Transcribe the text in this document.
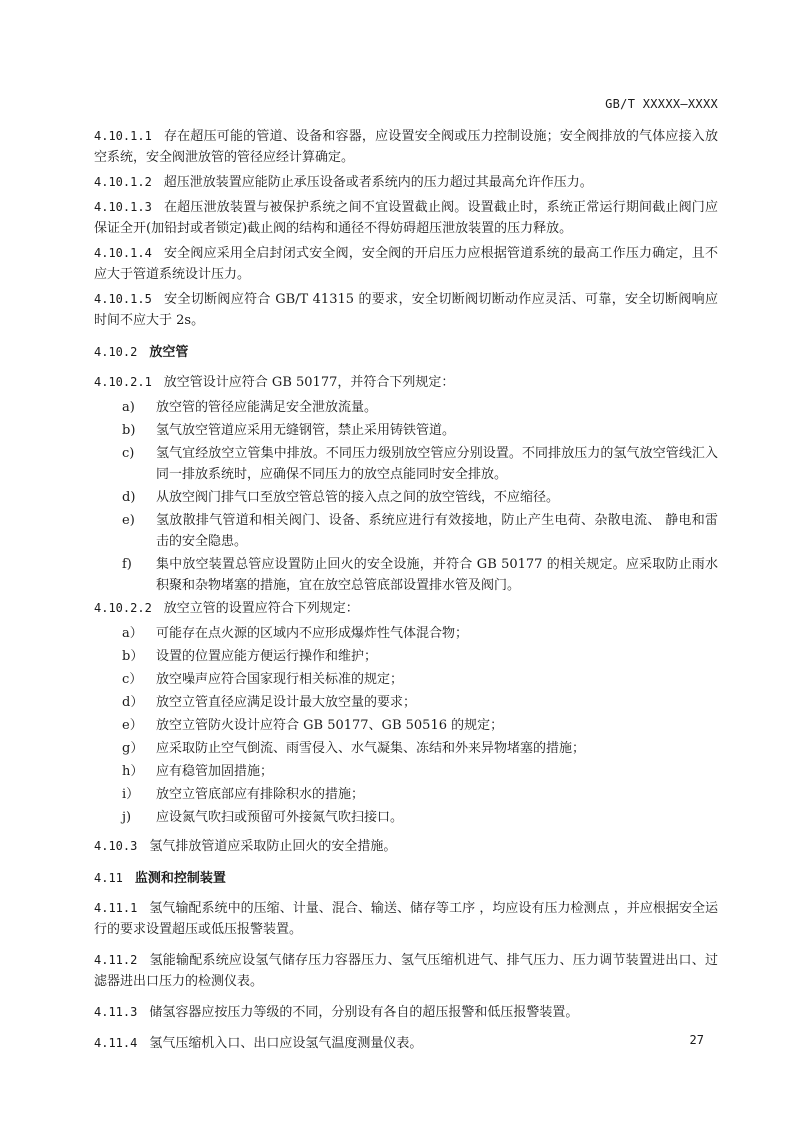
GB/T XXXXX—XXXX

4.10.1.1 存在超压可能的管道、设备和容器，应设置安全阀或压力控制设施；安全阀排放的气体应接入放空系统，安全阀泄放管的管径应经计算确定。

4.10.1.2 超压泄放装置应能防止承压设备或者系统内的压力超过其最高允许作压力。

4.10.1.3 在超压泄放装置与被保护系统之间不宜设置截止阀。设置截止时，系统正常运行期间截止阀门应保证全开(加铅封或者锁定)截止阀的结构和通径不得妨碍超压泄放装置的压力释放。

4.10.1.4 安全阀应采用全启封闭式安全阀，安全阀的开启压力应根据管道系统的最高工作压力确定，且不应大于管道系统设计压力。

4.10.1.5 安全切断阀应符合 GB/T 41315 的要求，安全切断阀切断动作应灵活、可靠，安全切断阀响应时间不应大于 2s。

4.10.2 放空管

4.10.2.1 放空管设计应符合 GB 50177，并符合下列规定：

a)	放空管的管径应能满足安全泄放流量。
b)	氢气放空管道应采用无缝钢管，禁止采用铸铁管道。
c)	氢气宜经放空立管集中排放。不同压力级别放空管应分别设置。不同排放压力的氢气放空管线汇入同一排放系统时，应确保不同压力的放空点能同时安全排放。
d)	从放空阀门排气口至放空管总管的接入点之间的放空管线，不应缩径。
e)	氢放散排气管道和相关阀门、设备、系统应进行有效接地，防止产生电荷、杂散电流、 静电和雷击的安全隐患。
f)	集中放空装置总管应设置防止回火的安全设施，并符合 GB 50177 的相关规定。应采取防止雨水积聚和杂物堵塞的措施，宜在放空总管底部设置排水管及阀门。

4.10.2.2 放空立管的设置应符合下列规定：

a）	可能存在点火源的区域内不应形成爆炸性气体混合物；
b） 设置的位置应能方便运行操作和维护；
c）	放空噪声应符合国家现行相关标准的规定；
d） 放空立管直径应满足设计最大放空量的要求；
e）	放空立管防火设计应符合 GB 50177、GB 50516 的规定；
g） 应采取防止空气倒流、雨雪侵入、水气凝集、冻结和外来异物堵塞的措施；
h） 应有稳管加固措施；
i）	放空立管底部应有排除积水的措施；
j)	应设氮气吹扫或预留可外接氮气吹扫接口。

4.10.3 氢气排放管道应采取防止回火的安全措施。

4.11 监测和控制装置

4.11.1 氢气输配系统中的压缩、计量、混合、输送、储存等工序 ，均应设有压力检测点 ，并应根据安全运行的要求设置超压或低压报警装置。

4.11.2 氢能输配系统应设氢气储存压力容器压力、氢气压缩机进气、排气压力、压力调节装置进出口、过滤器进出口压力的检测仪表。

4.11.3 储氢容器应按压力等级的不同，分别设有各自的超压报警和低压报警装置。

4.11.4 氢气压缩机入口、出口应设氢气温度测量仪表。	27
